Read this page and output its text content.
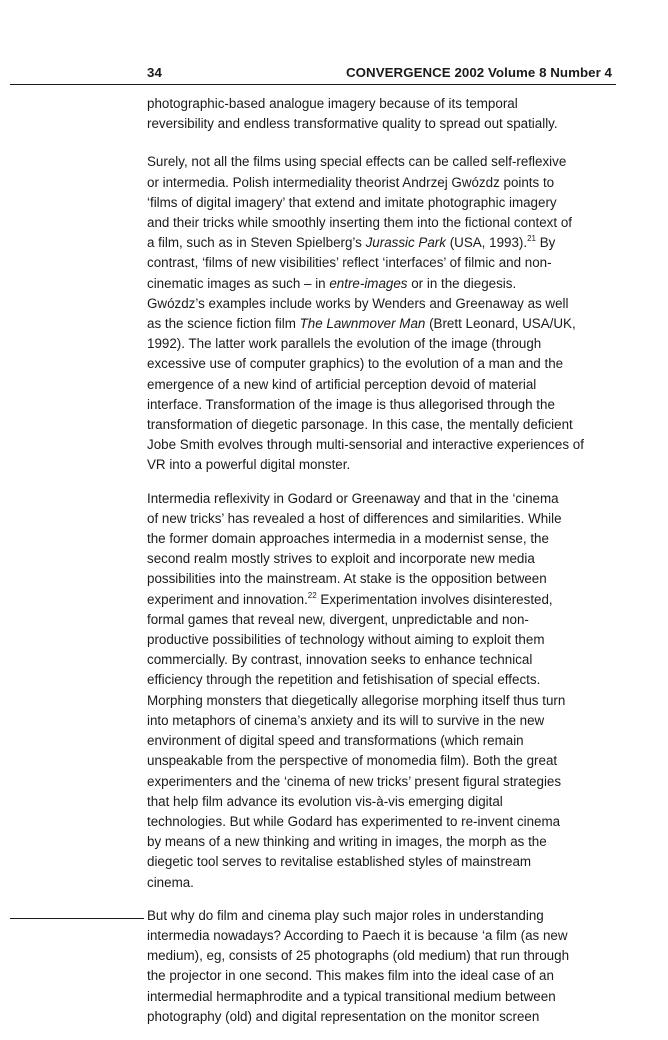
34	CONVERGENCE 2002 Volume 8 Number 4

photographic-based analogue imagery because of its temporal
reversibility and endless transformative quality to spread out spatially.

Surely, not all the films using special effects can be called self-reflexive
or intermedia. Polish intermediality theorist Andrzej Gwózdz points to
‘films of digital imagery’ that extend and imitate photographic imagery
and their tricks while smoothly inserting them into the fictional context of
a film, such as in Steven Spielberg’s Jurassic Park (USA, 1993).$^{21}$ By
contrast, ‘films of new visibilities’ reflect ‘interfaces’ of filmic and non-
cinematic images as such – in entre-images or in the diegesis.
Gwózdz’s examples include works by Wenders and Greenaway as well
as the science fiction film The Lawnmover Man (Brett Leonard, USA/UK,
1992). The latter work parallels the evolution of the image (through
excessive use of computer graphics) to the evolution of a man and the
emergence of a new kind of artificial perception devoid of material
interface. Transformation of the image is thus allegorised through the
transformation of diegetic parsonage. In this case, the mentally deficient
Jobe Smith evolves through multi-sensorial and interactive experiences of
VR into a powerful digital monster.

Intermedia reflexivity in Godard or Greenaway and that in the ‘cinema
of new tricks’ has revealed a host of differences and similarities. While
the former domain approaches intermedia in a modernist sense, the
second realm mostly strives to exploit and incorporate new media
possibilities into the mainstream. At stake is the opposition between
experiment and innovation.$^{22}$ Experimentation involves disinterested,
formal games that reveal new, divergent, unpredictable and non-
productive possibilities of technology without aiming to exploit them
commercially. By contrast, innovation seeks to enhance technical
efficiency through the repetition and fetishisation of special effects.
Morphing monsters that diegetically allegorise morphing itself thus turn
into metaphors of cinema’s anxiety and its will to survive in the new
environment of digital speed and transformations (which remain
unspeakable from the perspective of monomedia film). Both the great
experimenters and the ‘cinema of new tricks’ present figural strategies
that help film advance its evolution vis-à-vis emerging digital
technologies. But while Godard has experimented to re-invent cinema
by means of a new thinking and writing in images, the morph as the
diegetic tool serves to revitalise established styles of mainstream
cinema.

But why do film and cinema play such major roles in understanding
intermedia nowadays? According to Paech it is because ‘a film (as new
medium), eg, consists of 25 photographs (old medium) that run through
the projector in one second. This makes film into the ideal case of an
intermedial hermaphrodite and a typical transitional medium between
photography (old) and digital representation on the monitor screen
